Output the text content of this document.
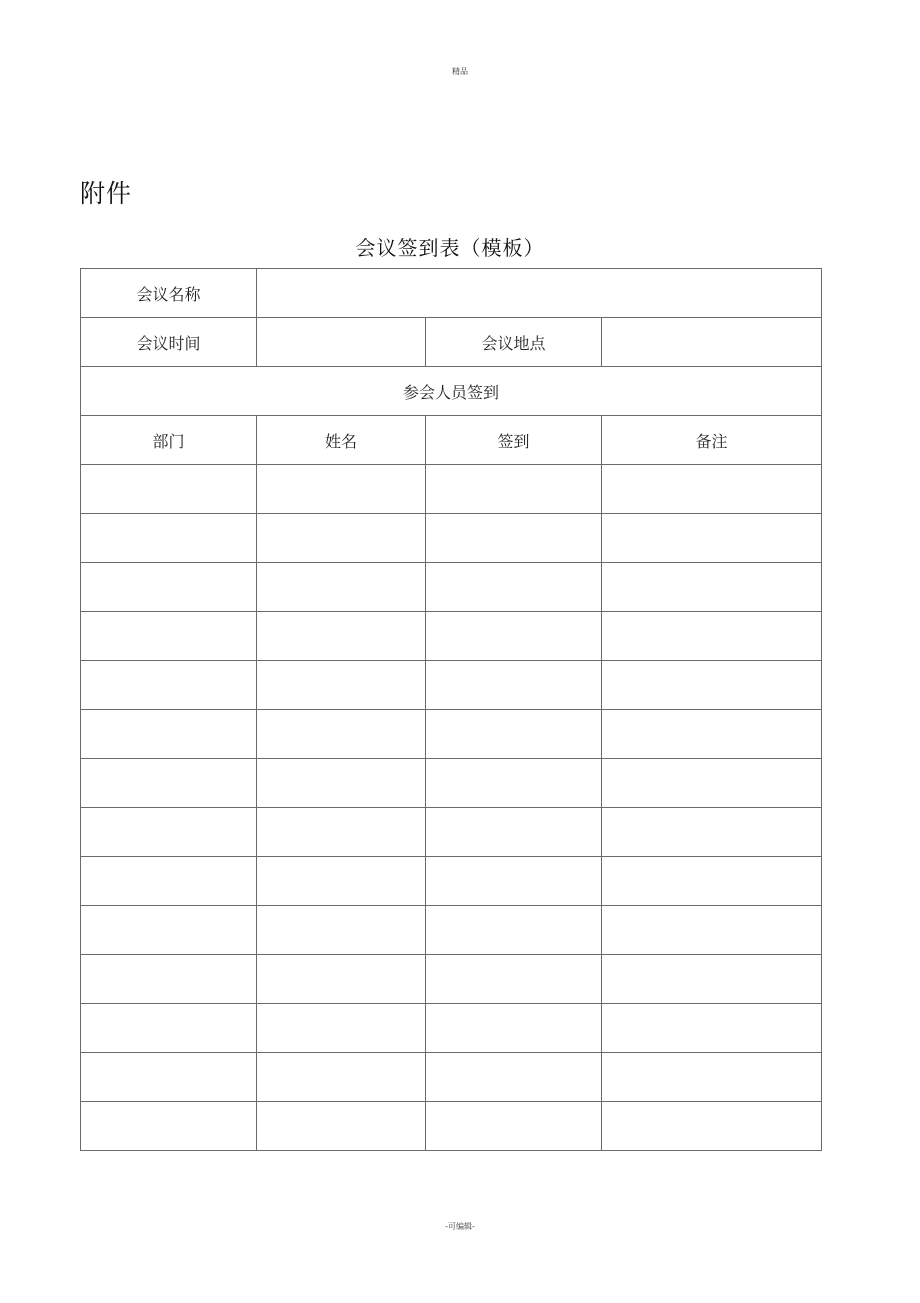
精品
附件
会议签到表（模板）
会议名称			
会议时间		会议地点	
参会人员签到			
部门	姓名	签到	备注

-可编辑-
